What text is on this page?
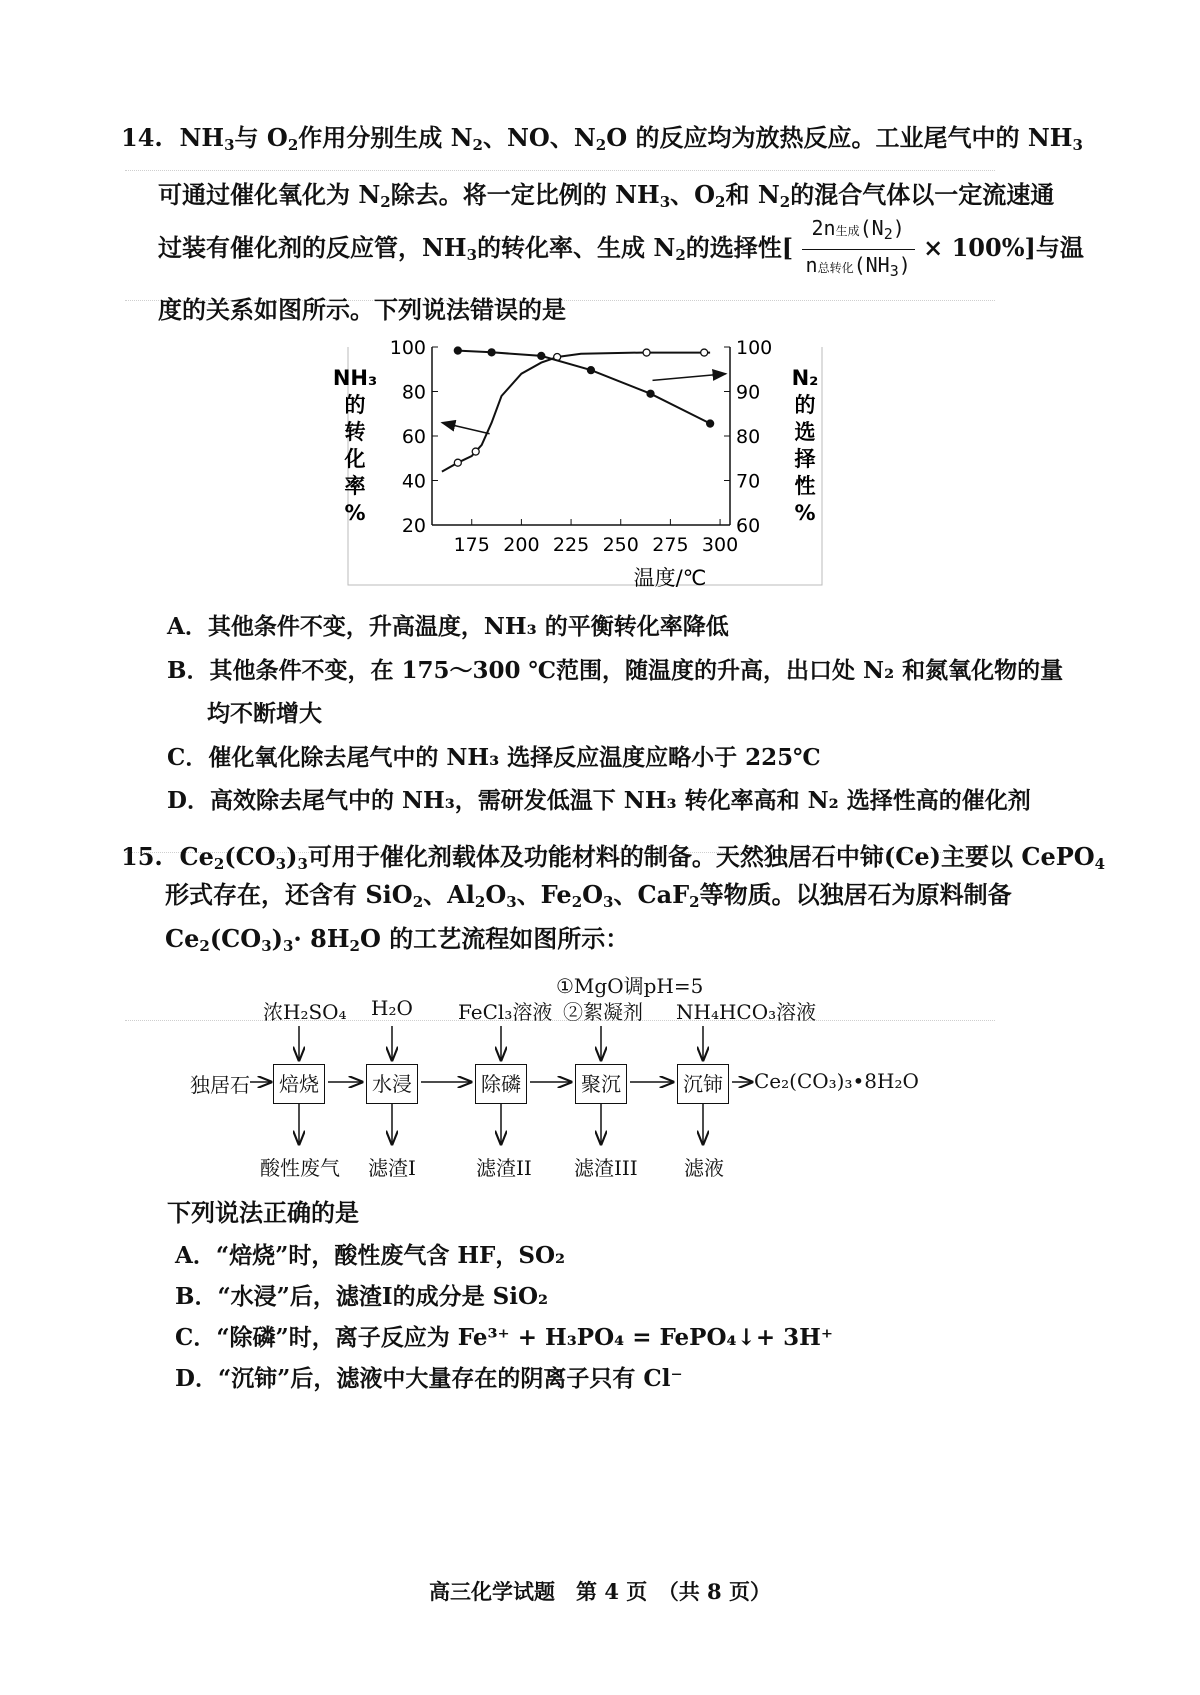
14. $NH_3$与 $O_2$作用分别生成 $N_2$、NO、$N_2O$ 的反应均为放热反应。工业尾气中的 $NH_3$
可通过催化氧化为 $N_2$除去。将一定比例的 $NH_3$、$O_2$和 $N_2$的混合气体以一定流速通
过装有催化剂的反应管，$NH_3$的转化率、生成 $N_2$的选择性[ $\frac{2n生成(N_2)}{n总转化(NH_3)} \times 100\%$]与温
度的关系如图所示。下列说法错误的是
100
80
60
40
20
100
90
80
70
60
175 200 225 250 275 300
温度/℃
NH₃
的
转
化
率
%
N₂
的
选
择
性
%
A．其他条件不变，升高温度，NH₃ 的平衡转化率降低
B．其他条件不变，在 175～300 ℃范围，随温度的升高，出口处 N₂ 和氮氧化物的量
均不断增大
C．催化氧化除去尾气中的 NH₃ 选择反应温度应略小于 225℃
D．高效除去尾气中的 NH₃，需研发低温下 NH₃ 转化率高和 N₂ 选择性高的催化剂
15. $Ce_2(CO_3)_3$可用于催化剂载体及功能材料的制备。天然独居石中铈(Ce)主要以 CePO$_4$
形式存在，还含有 SiO$_2$、$Al_2O_3$、$Fe_2O_3$、CaF$_2$等物质。以独居石为原料制备
$Ce_2(CO_3)_3\cdot 8H_2O$ 的工艺流程如图所示：
①MgO调pH=5
独居石	Ce₂(CO₃)₃•8H₂O
焙烧	水浸	除磷	聚沉	沉铈
浓H₂SO₄ H₂O FeCl₃溶液 ②絮凝剂 NH₄HCO₃溶液
酸性废气 滤渣I	滤渣II 滤渣III 滤液
下列说法正确的是
A．“焙烧”时，酸性废气含 HF，SO₂
B．“水浸”后，滤渣Ⅰ的成分是 SiO₂
C．“除磷”时，离子反应为 Fe³⁺ + H₃PO₄ = FePO₄↓+ 3H⁺
D．“沉铈”后，滤液中大量存在的阴离子只有 Cl⁻
高三化学试题　第 4 页　（共 8 页）
